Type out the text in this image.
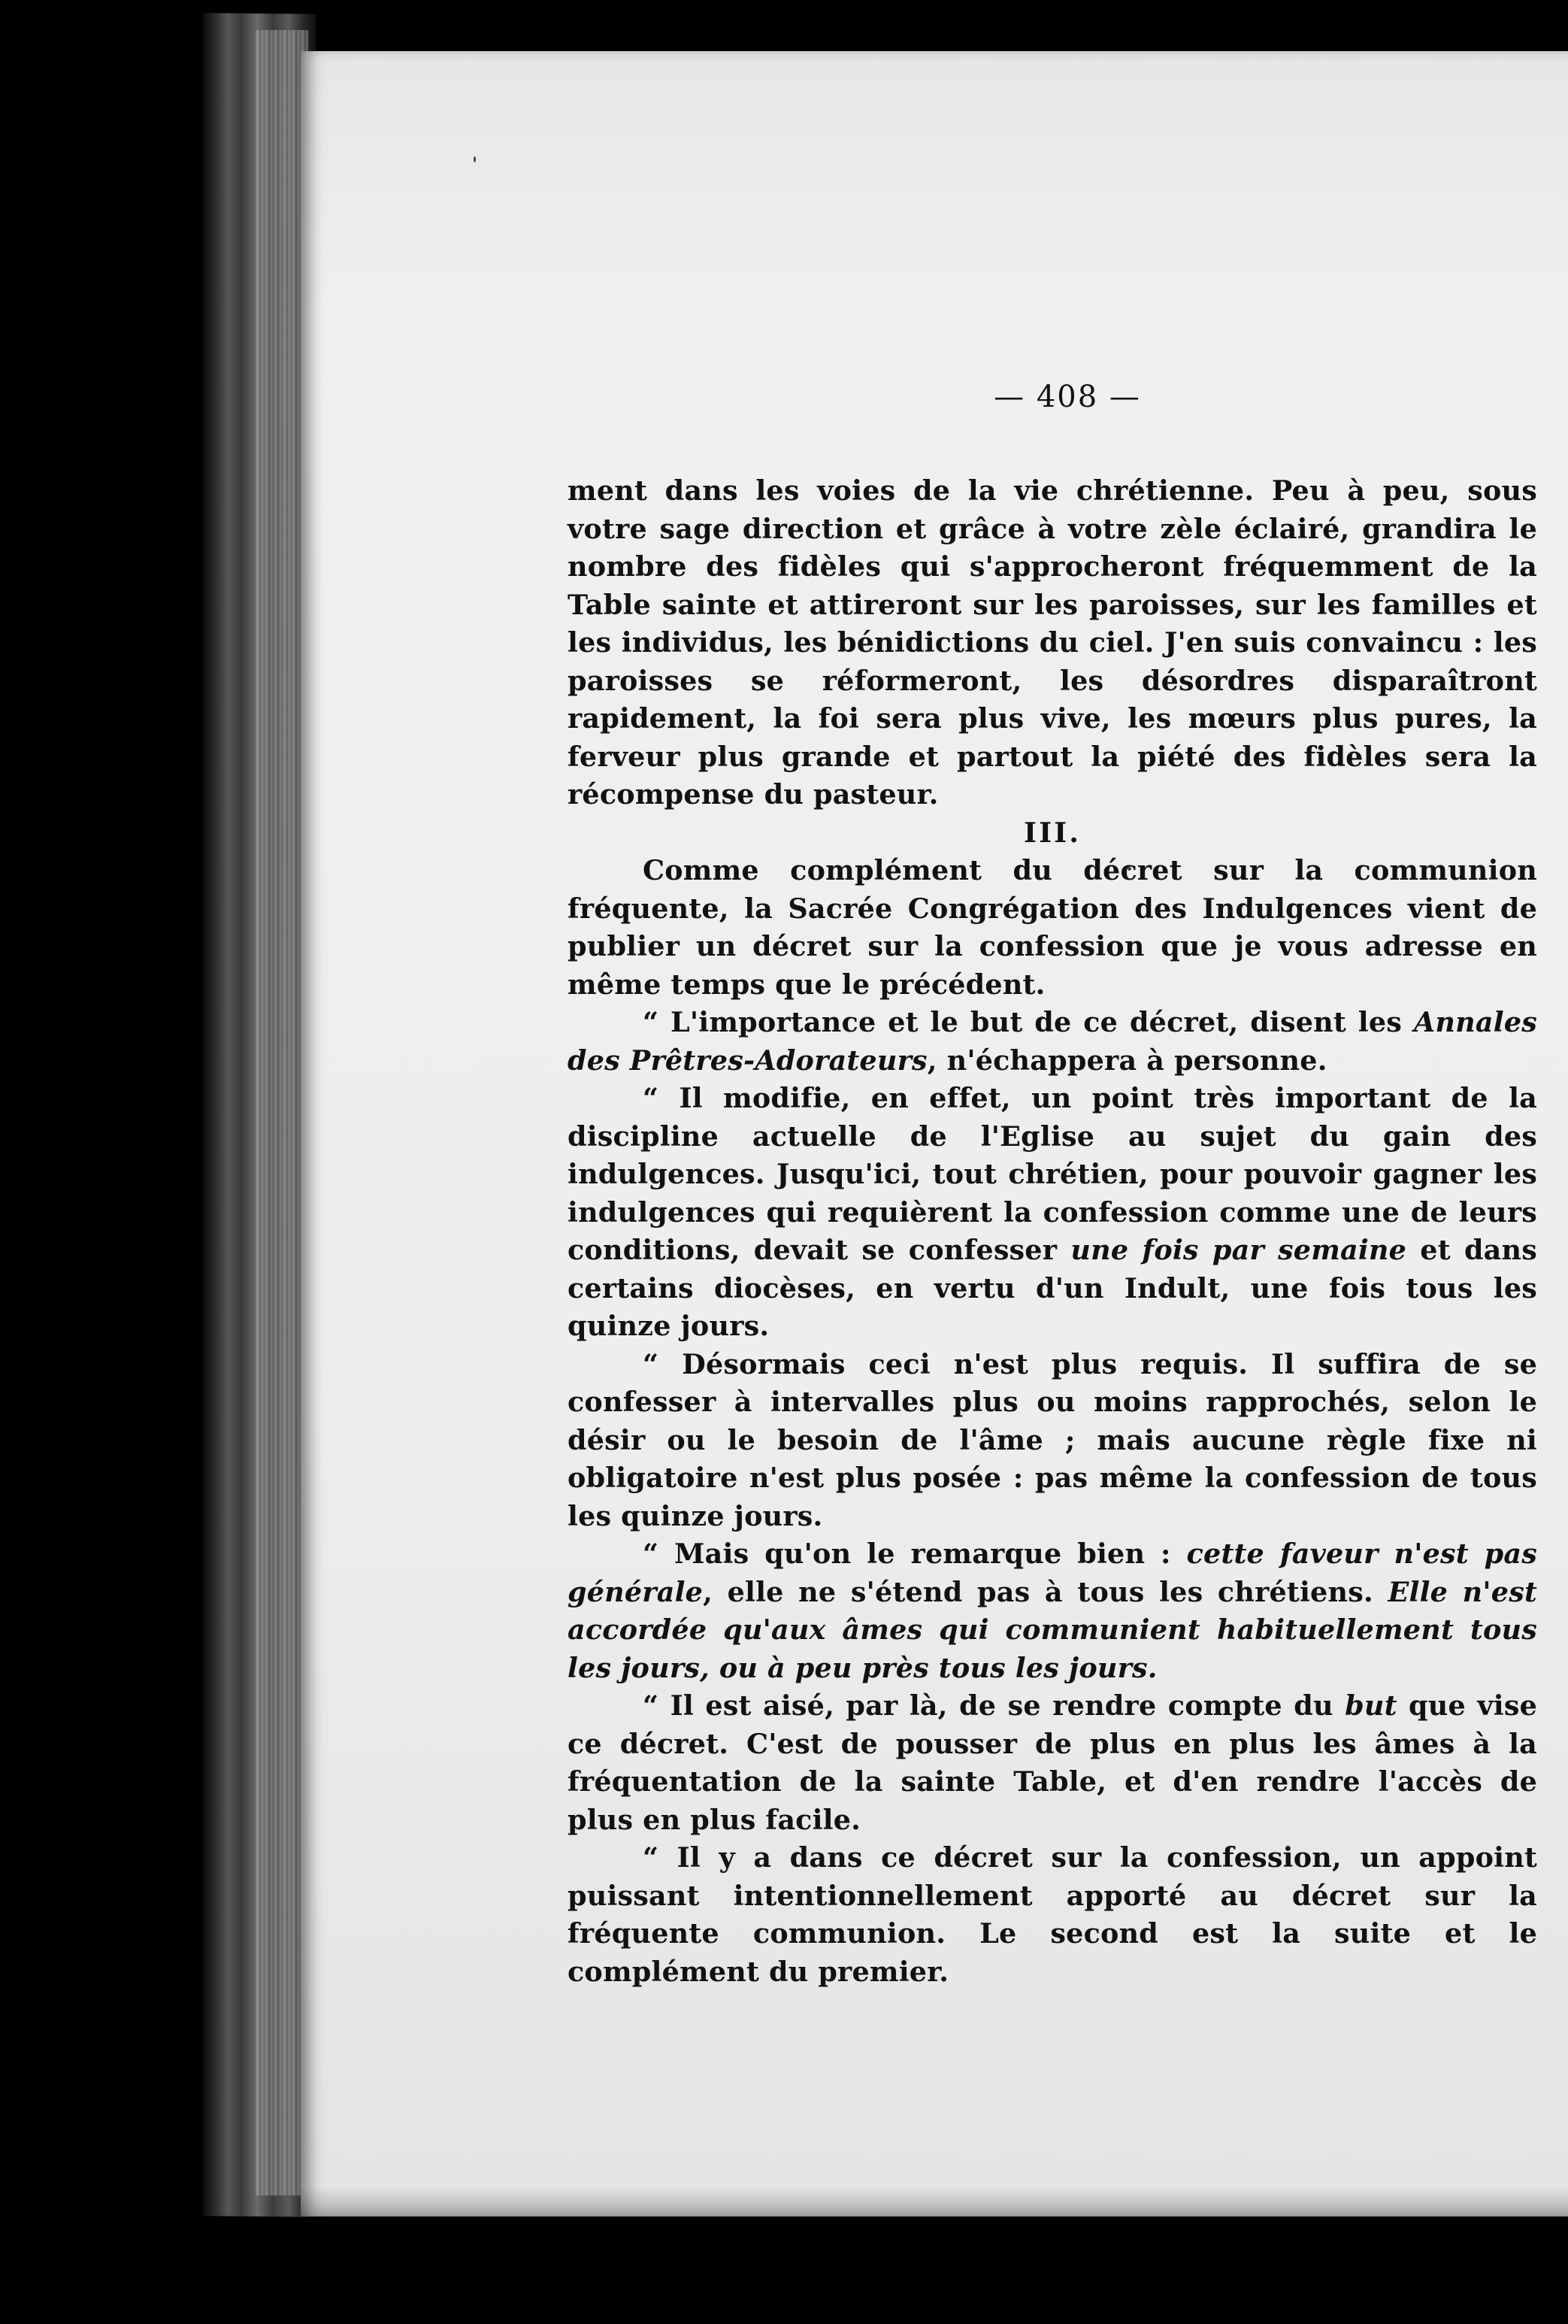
— 408 —

ment dans les voies de la vie chrétienne. Peu à peu, sous votre sage direction et grâce à votre zèle éclairé, grandira le nombre des fidèles qui s'approcheront fréquemment de la Table sainte et attireront sur les paroisses, sur les familles et les individus, les bénidictions du ciel. J'en suis convaincu : les paroisses se réformeront, les désordres disparaîtront rapidement, la foi sera plus vive, les mœurs plus pures, la ferveur plus grande et partout la piété des fidèles sera la récompense du pasteur.

III.

Comme complément du décret sur la communion fréquente, la Sacrée Congrégation des Indulgences vient de publier un décret sur la confession que je vous adresse en même temps que le précédent.

“ L'importance et le but de ce décret, disent les Annales des Prêtres-Adorateurs, n'échappera à personne.

“ Il modifie, en effet, un point très important de la discipline actuelle de l'Eglise au sujet du gain des indulgences. Jusqu'ici, tout chrétien, pour pouvoir gagner les indulgences qui requièrent la confession comme une de leurs conditions, devait se confesser une fois par semaine et dans certains diocèses, en vertu d'un Indult, une fois tous les quinze jours.

“ Désormais ceci n'est plus requis. Il suffira de se confesser à intervalles plus ou moins rapprochés, selon le désir ou le besoin de l'âme ; mais aucune règle fixe ni obligatoire n'est plus posée : pas même la confession de tous les quinze jours.

“ Mais qu'on le remarque bien : cette faveur n'est pas générale, elle ne s'étend pas à tous les chrétiens. Elle n'est accordée qu'aux âmes qui communient habituellement tous les jours, ou à peu près tous les jours.

“ Il est aisé, par là, de se rendre compte du but que vise ce décret. C'est de pousser de plus en plus les âmes à la fréquentation de la sainte Table, et d'en rendre l'accès de plus en plus facile.

“ Il y a dans ce décret sur la confession, un appoint puissant intentionnellement apporté au décret sur la fréquente communion. Le second est la suite et le complément du premier.
